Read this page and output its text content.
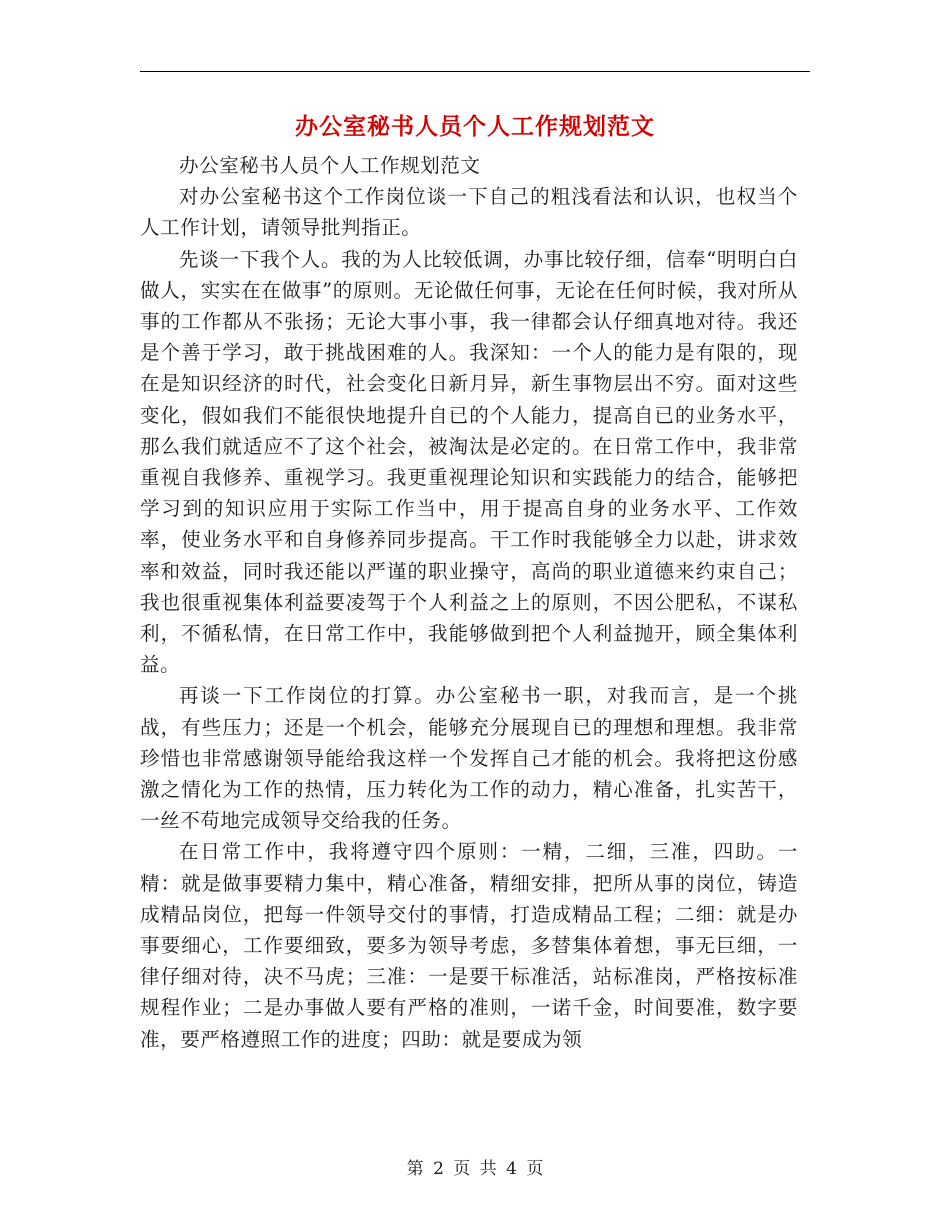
办公室秘书人员个人工作规划范文

办公室秘书人员个人工作规划范文

对办公室秘书这个工作岗位谈一下自己的粗浅看法和认识，也权当个人工作计划，请领导批判指正。

先谈一下我个人。我的为人比较低调，办事比较仔细，信奉“明明白白做人，实实在在做事”的原则。无论做任何事，无论在任何时候，我对所从事的工作都从不张扬；无论大事小事，我一律都会认仔细真地对待。我还是个善于学习，敢于挑战困难的人。我深知：一个人的能力是有限的，现在是知识经济的时代，社会变化日新月异，新生事物层出不穷。面对这些变化，假如我们不能很快地提升自已的个人能力，提高自已的业务水平，那么我们就适应不了这个社会，被淘汰是必定的。在日常工作中，我非常重视自我修养、重视学习。我更重视理论知识和实践能力的结合，能够把学习到的知识应用于实际工作当中，用于提高自身的业务水平、工作效率，使业务水平和自身修养同步提高。干工作时我能够全力以赴，讲求效率和效益，同时我还能以严谨的职业操守，高尚的职业道德来约束自己；我也很重视集体利益要凌驾于个人利益之上的原则，不因公肥私，不谋私利，不循私情，在日常工作中，我能够做到把个人利益抛开，顾全集体利益。

再谈一下工作岗位的打算。办公室秘书一职，对我而言，是一个挑战，有些压力；还是一个机会，能够充分展现自已的理想和理想。我非常珍惜也非常感谢领导能给我这样一个发挥自己才能的机会。我将把这份感激之情化为工作的热情，压力转化为工作的动力，精心准备，扎实苦干，一丝不苟地完成领导交给我的任务。

在日常工作中，我将遵守四个原则：一精，二细，三准，四助。一精：就是做事要精力集中，精心准备，精细安排，把所从事的岗位，铸造成精品岗位，把每一件领导交付的事情，打造成精品工程；二细：就是办事要细心，工作要细致，要多为领导考虑，多替集体着想，事无巨细，一律仔细对待，决不马虎；三准：一是要干标准活，站标准岗，严格按标准规程作业；二是办事做人要有严格的准则，一诺千金，时间要准，数字要准，要严格遵照工作的进度；四助：就是要成为领

第 2 页 共 4 页
